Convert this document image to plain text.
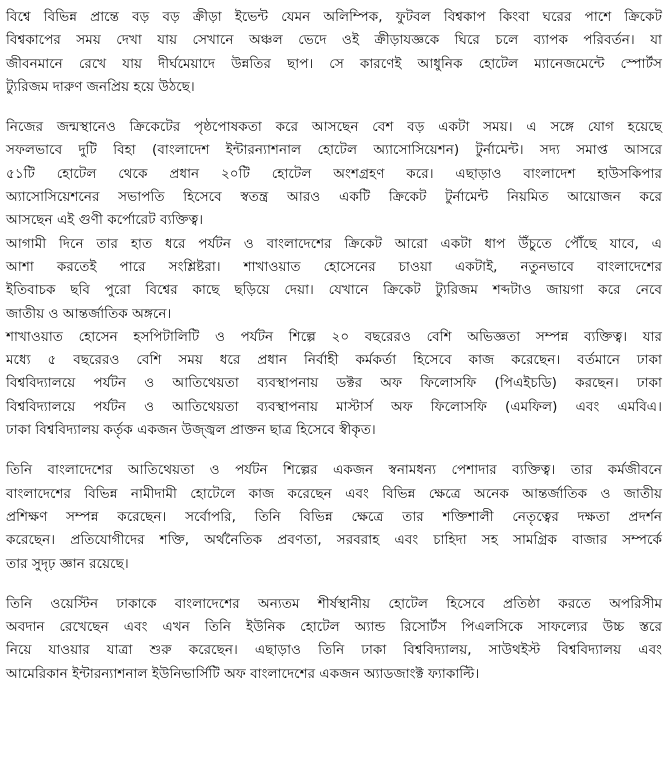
বিশ্বে বিভিন্ন প্রান্তে বড় বড় ক্রীড়া ইভেন্ট যেমন অলিম্পিক, ফুটবল বিশ্বকাপ কিংবা ঘরের পাশে ক্রিকেট
বিশ্বকাপের সময় দেখা যায় সেখানে অঞ্চল ভেদে ওই ক্রীড়াযজ্ঞকে ঘিরে চলে ব্যাপক পরিবর্তন। যা
জীবনমানে রেখে যায় দীর্ঘমেয়াদে উন্নতির ছাপ। সে কারণেই আধুনিক হোটেল ম্যানেজমেন্টে স্পোর্টস
ট্যুরিজম দারুণ জনপ্রিয় হয়ে উঠছে।
নিজের জন্মস্থানেও ক্রিকেটের পৃষ্ঠপোষকতা করে আসছেন বেশ বড় একটা সময়। এ সঙ্গে যোগ হয়েছে
সফলভাবে দুটি বিহা (বাংলাদেশ ইন্টারন্যাশনাল হোটেল অ্যাসোসিয়েশন) টুর্নামেন্ট। সদ্য সমাপ্ত আসরে
৫১টি হোটেল থেকে প্রধান ২০টি হোটেল অংশগ্রহণ করে। এছাড়াও বাংলাদেশ হাউসকিপার
অ্যাসোসিয়েশনের সভাপতি হিসেবে স্বতন্ত্র আরও একটি ক্রিকেট টুর্নামেন্ট নিয়মিত আয়োজন করে
আসছেন এই গুণী কর্পোরেট ব্যক্তিত্ব।
আগামী দিনে তার হাত ধরে পর্যটন ও বাংলাদেশের ক্রিকেট আরো একটা ধাপ উঁচুতে পৌঁছে যাবে, এ
আশা করতেই পারে সংশ্লিষ্টরা। শাখাওয়াত হোসেনের চাওয়া একটাই, নতুনভাবে বাংলাদেশের
ইতিবাচক ছবি পুরো বিশ্বের কাছে ছড়িয়ে দেয়া। যেখানে ক্রিকেট ট্যুরিজম শব্দটাও জায়গা করে নেবে
জাতীয় ও আন্তর্জাতিক অঙ্গনে।
শাখাওয়াত হোসেন হসপিটালিটি ও পর্যটন শিল্পে ২০ বছরেরও বেশি অভিজ্ঞতা সম্পন্ন ব্যক্তিত্ব। যার
মধ্যে ৫ বছরেরও বেশি সময় ধরে প্রধান নির্বাহী কর্মকর্তা হিসেবে কাজ করেছেন। বর্তমানে ঢাকা
বিশ্ববিদ্যালয়ে পর্যটন ও আতিথেয়তা ব্যবস্থাপনায় ডক্টর অফ ফিলোসফি (পিএইচডি) করছেন। ঢাকা
বিশ্ববিদ্যালয়ে পর্যটন ও আতিথেয়তা ব্যবস্থাপনায় মাস্টার্স অফ ফিলোসফি (এমফিল) এবং এমবিএ।
ঢাকা বিশ্ববিদ্যালয় কর্তৃক একজন উজ্জ্বল প্রাক্তন ছাত্র হিসেবে স্বীকৃত।
তিনি বাংলাদেশের আতিথেয়তা ও পর্যটন শিল্পের একজন স্বনামধন্য পেশাদার ব্যক্তিত্ব। তার কর্মজীবনে
বাংলাদেশের বিভিন্ন নামীদামী হোটেলে কাজ করেছেন এবং বিভিন্ন ক্ষেত্রে অনেক আন্তর্জাতিক ও জাতীয়
প্রশিক্ষণ সম্পন্ন করেছেন। সর্বোপরি, তিনি বিভিন্ন ক্ষেত্রে তার শক্তিশালী নেতৃত্বের দক্ষতা প্রদর্শন
করেছেন। প্রতিযোগীদের শক্তি, অর্থনৈতিক প্রবণতা, সরবরাহ এবং চাহিদা সহ সামগ্রিক বাজার সম্পর্কে
তার সুদৃঢ় জ্ঞান রয়েছে।
তিনি ওয়েস্টিন ঢাকাকে বাংলাদেশের অন্যতম শীর্ষস্থানীয় হোটেল হিসেবে প্রতিষ্ঠা করতে অপরিসীম
অবদান রেখেছেন এবং এখন তিনি ইউনিক হোটেল অ্যান্ড রিসোর্টস পিএলসিকে সাফল্যের উচ্চ স্তরে
নিয়ে যাওয়ার যাত্রা শুরু করেছেন। এছাড়াও তিনি ঢাকা বিশ্ববিদ্যালয়, সাউথইস্ট বিশ্ববিদ্যালয় এবং
আমেরিকান ইন্টারন্যাশনাল ইউনিভার্সিটি অফ বাংলাদেশের একজন অ্যাডজাংক্ট ফ্যাকাল্টি।
